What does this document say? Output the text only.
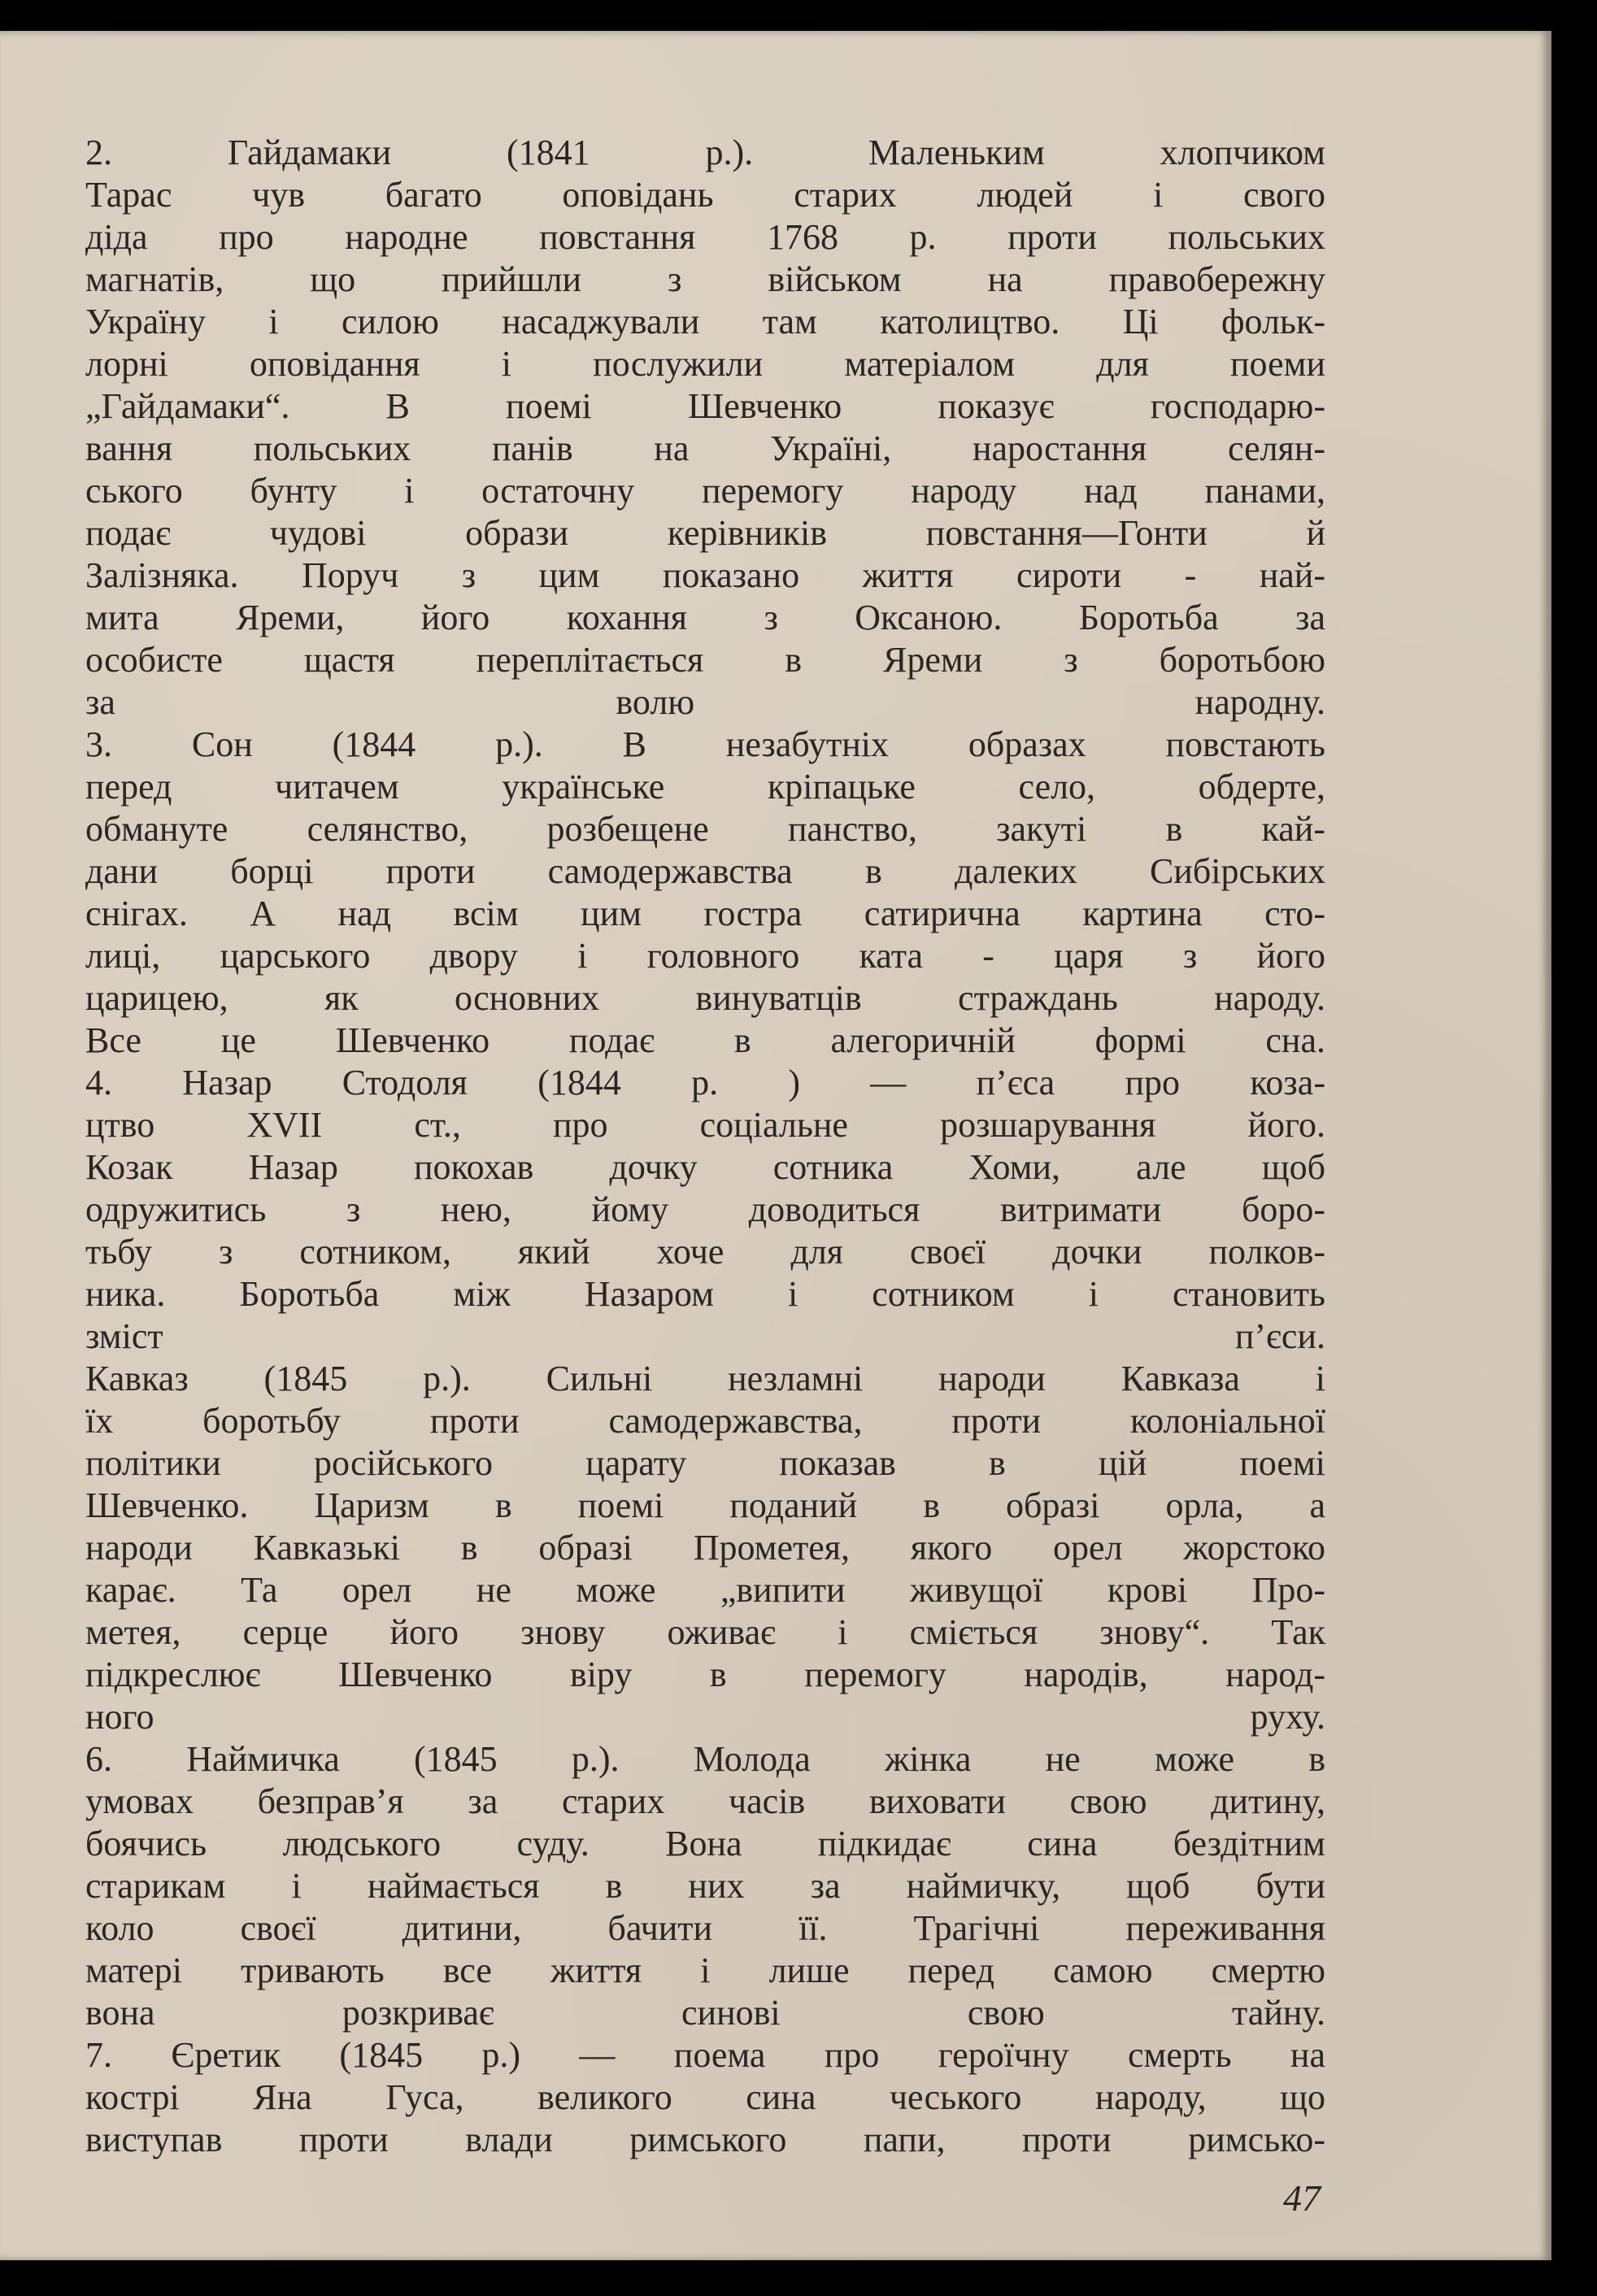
2. Гайдамаки (1841 р.). Маленьким хлопчиком
Тарас чув багато оповідань старих людей і свого
діда про народне повстання 1768 р. проти польських
магнатів, що прийшли з військом на правобережну
Україну і силою насаджували там католицтво. Ці фольк-
лорні оповідання і послужили матеріалом для поеми
„Гайдамаки“. В поемі Шевченко показує господарю-
вання польських панів на Україні, наростання селян-
ського бунту і остаточну перемогу народу над панами,
подає чудові образи керівників повстання—Гонти й
Залізняка. Поруч з цим показано життя сироти - най-
мита Яреми, його кохання з Оксаною. Боротьба за
особисте щастя переплітається в Яреми з боротьбою
за волю народну.
3. Сон (1844 р.). В незабутніх образах повстають
перед читачем українське кріпацьке село, обдерте,
обмануте селянство, розбещене панство, закуті в кай-
дани борці проти самодержавства в далеких Сибірських
снігах. А над всім цим гостра сатирична картина сто-
лиці, царського двору і головного ката - царя з його
царицею, як основних винуватців страждань народу.
Все це Шевченко подає в алегоричній формі сна.
4. Назар Стодоля (1844 р. ) — п’єса про коза-
цтво XVII ст., про соціальне розшарування його.
Козак Назар покохав дочку сотника Хоми, але щоб
одружитись з нею, йому доводиться витримати боро-
тьбу з сотником, який хоче для своєї дочки полков-
ника. Боротьба між Назаром і сотником і становить
зміст п’єси.
Кавказ (1845 р.). Сильні незламні народи Кавказа і
їх боротьбу проти самодержавства, проти колоніальної
політики російського царату показав в цій поемі
Шевченко. Царизм в поемі поданий в образі орла, а
народи Кавказькі в образі Прометея, якого орел жорстоко
карає. Та орел не може „випити живущої крові Про-
метея, серце його знову оживає і сміється знову“. Так
підкреслює Шевченко віру в перемогу народів, народ-
ного руху.
6. Наймичка (1845 р.). Молода жінка не може в
умовах безправ’я за старих часів виховати свою дитину,
боячись людського суду. Вона підкидає сина бездітним
старикам і наймається в них за наймичку, щоб бути
коло своєї дитини, бачити її. Трагічні переживання
матері тривають все життя і лише перед самою смертю
вона розкриває синові свою тайну.
7. Єретик (1845 р.) — поема про героїчну смерть на
кострі Яна Гуса, великого сина чеського народу, що
виступав проти влади римського папи, проти римсько-
47
